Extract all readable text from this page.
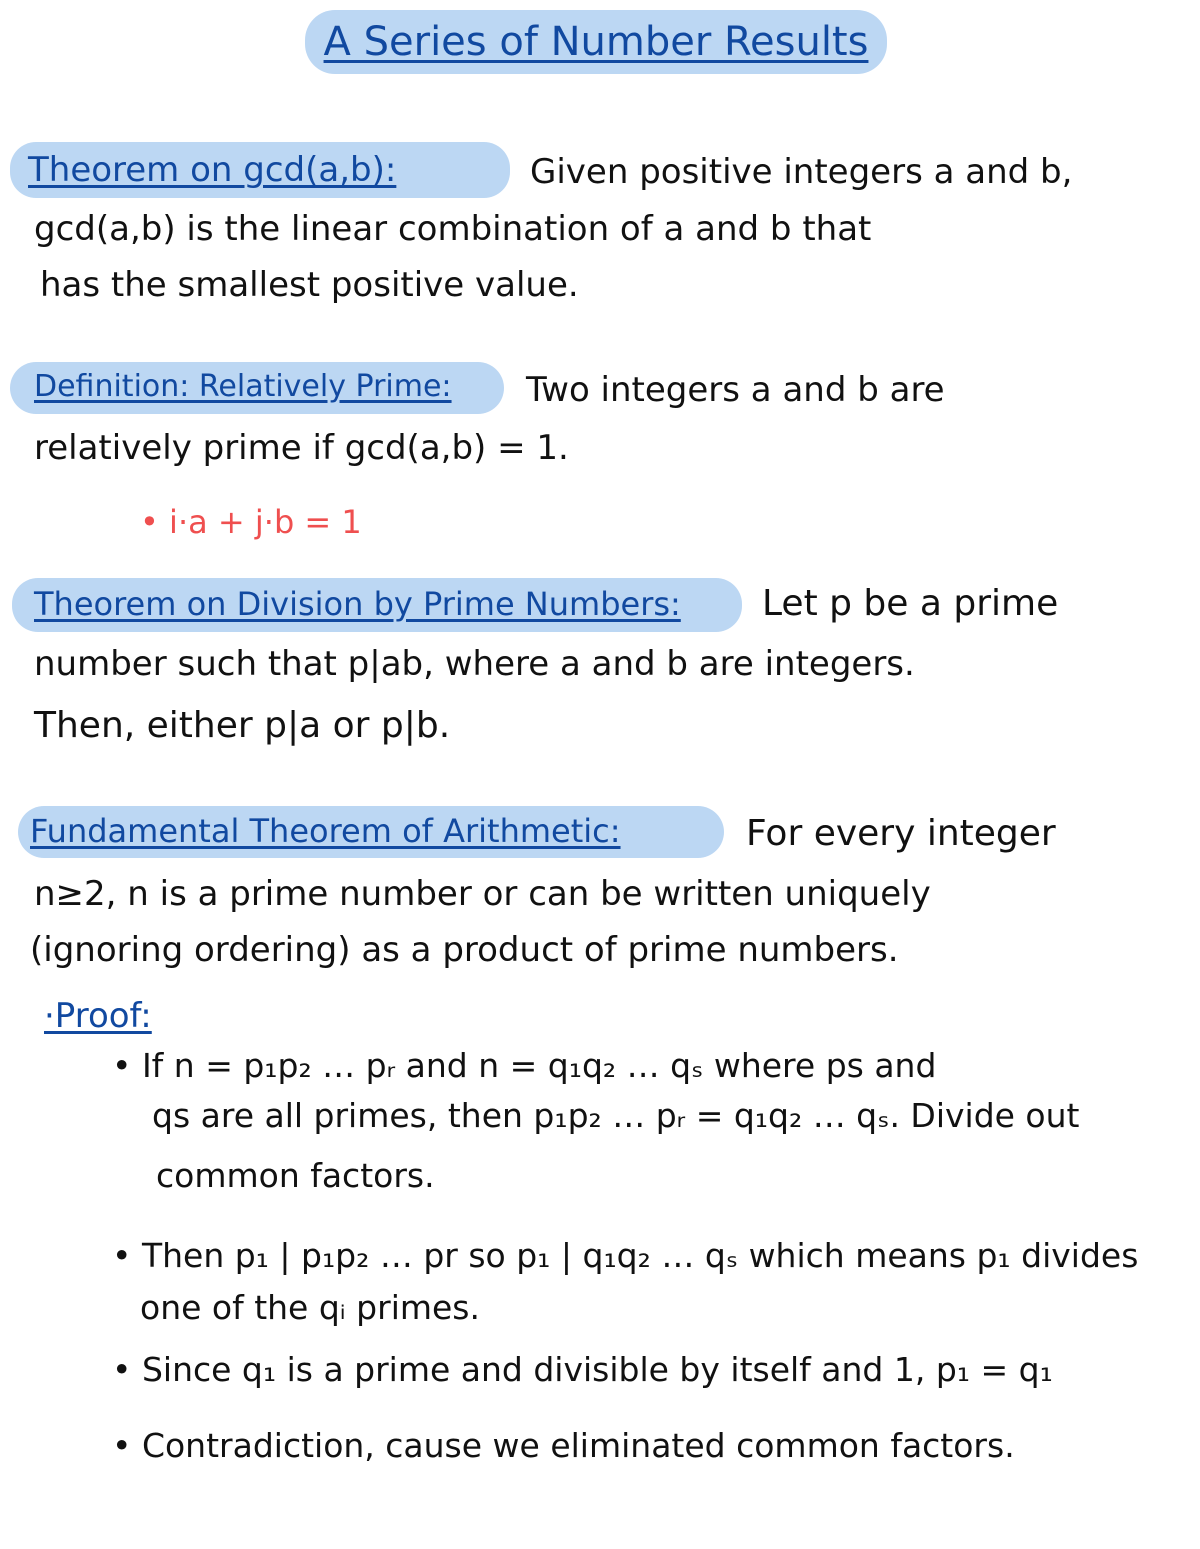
A Series of Number Results
Theorem on gcd(a,b):	Given positive integers a and b,
gcd(a,b) is the linear combination of a and b that
has the smallest positive value.
Definition: Relatively Prime: Two integers a and b are
relatively prime if gcd(a,b) = 1.
• i·a + j·b = 1
Theorem on Division by Prime Numbers: Let p be a prime
number such that p|ab, where a and b are integers.
Then, either p|a or p|b.
Fundamental Theorem of Arithmetic:	For every integer
n≥2, n is a prime number or can be written uniquely
(ignoring ordering) as a product of prime numbers.
·Proof:
• If n = p₁p₂ … pᵣ and n = q₁q₂ … qₛ where ps and
qs are all primes, then p₁p₂ … pᵣ = q₁q₂ … qₛ. Divide out
common factors.
• Then p₁ | p₁p₂ … pr so p₁ | q₁q₂ … qₛ which means p₁ divides
one of the qᵢ primes.
• Since q₁ is a prime and divisible by itself and 1, p₁ = q₁
• Contradiction, cause we eliminated common factors.
